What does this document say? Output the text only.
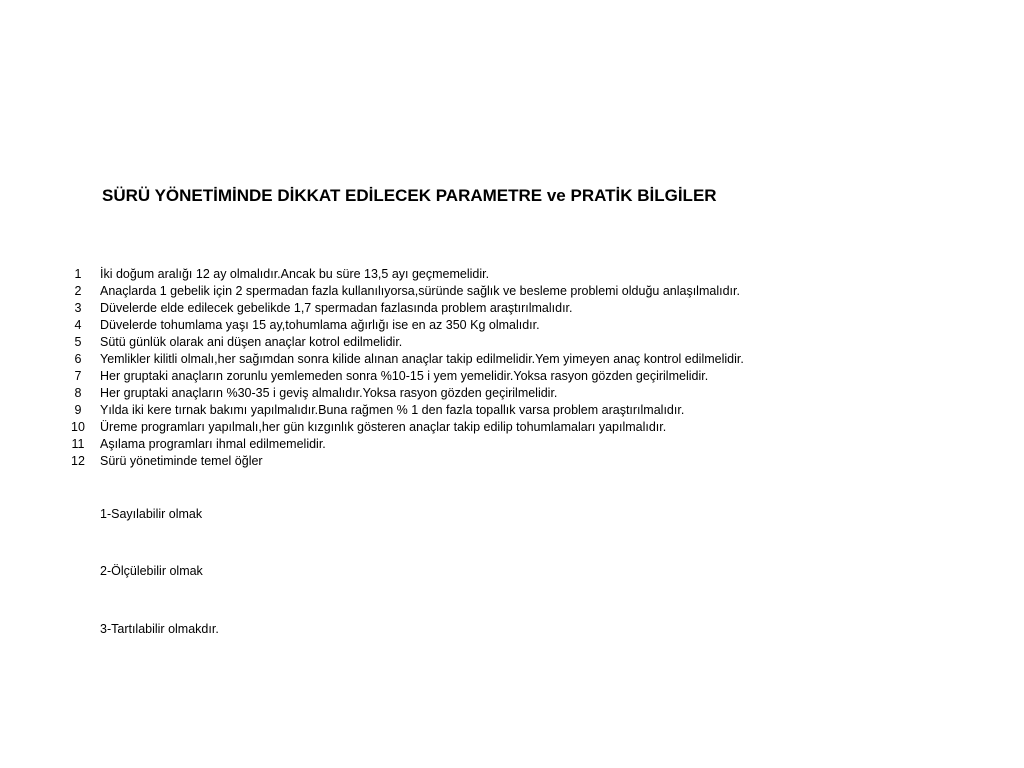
SÜRÜ YÖNETİMİNDE DİKKAT EDİLECEK PARAMETRE ve PRATİK BİLGİLER
1	İki doğum aralığı 12 ay olmalıdır.Ancak bu süre 13,5 ayı geçmemelidir.
2	Anaçlarda 1 gebelik için 2 spermadan fazla kullanılıyorsa,süründe sağlık ve besleme problemi olduğu anlaşılmalıdır.
3	Düvelerde elde edilecek gebelikde 1,7 spermadan fazlasında problem araştırılmalıdır.
4	Düvelerde tohumlama yaşı 15 ay,tohumlama ağırlığı ise en az 350 Kg olmalıdır.
5	Sütü günlük olarak ani düşen anaçlar kotrol edilmelidir.
6	Yemlikler kilitli olmalı,her sağımdan sonra kilide alınan anaçlar takip edilmelidir.Yem yimeyen anaç kontrol edilmelidir.
7	Her gruptaki anaçların zorunlu yemlemeden sonra %10-15 i yem yemelidir.Yoksa rasyon gözden geçirilmelidir.
8	Her gruptaki anaçların %30-35 i geviş almalıdır.Yoksa rasyon gözden geçirilmelidir.
9	Yılda iki kere tırnak bakımı yapılmalıdır.Buna rağmen % 1 den fazla topallık varsa problem araştırılmalıdır.
10	Üreme programları yapılmalı,her gün kızgınlık gösteren anaçlar takip edilip tohumlamaları yapılmalıdır.
11	Aşılama programları ihmal edilmemelidir.
12	Sürü yönetiminde temel öğler
1-Sayılabilir olmak
2-Ölçülebilir olmak
3-Tartılabilir olmakdır.
